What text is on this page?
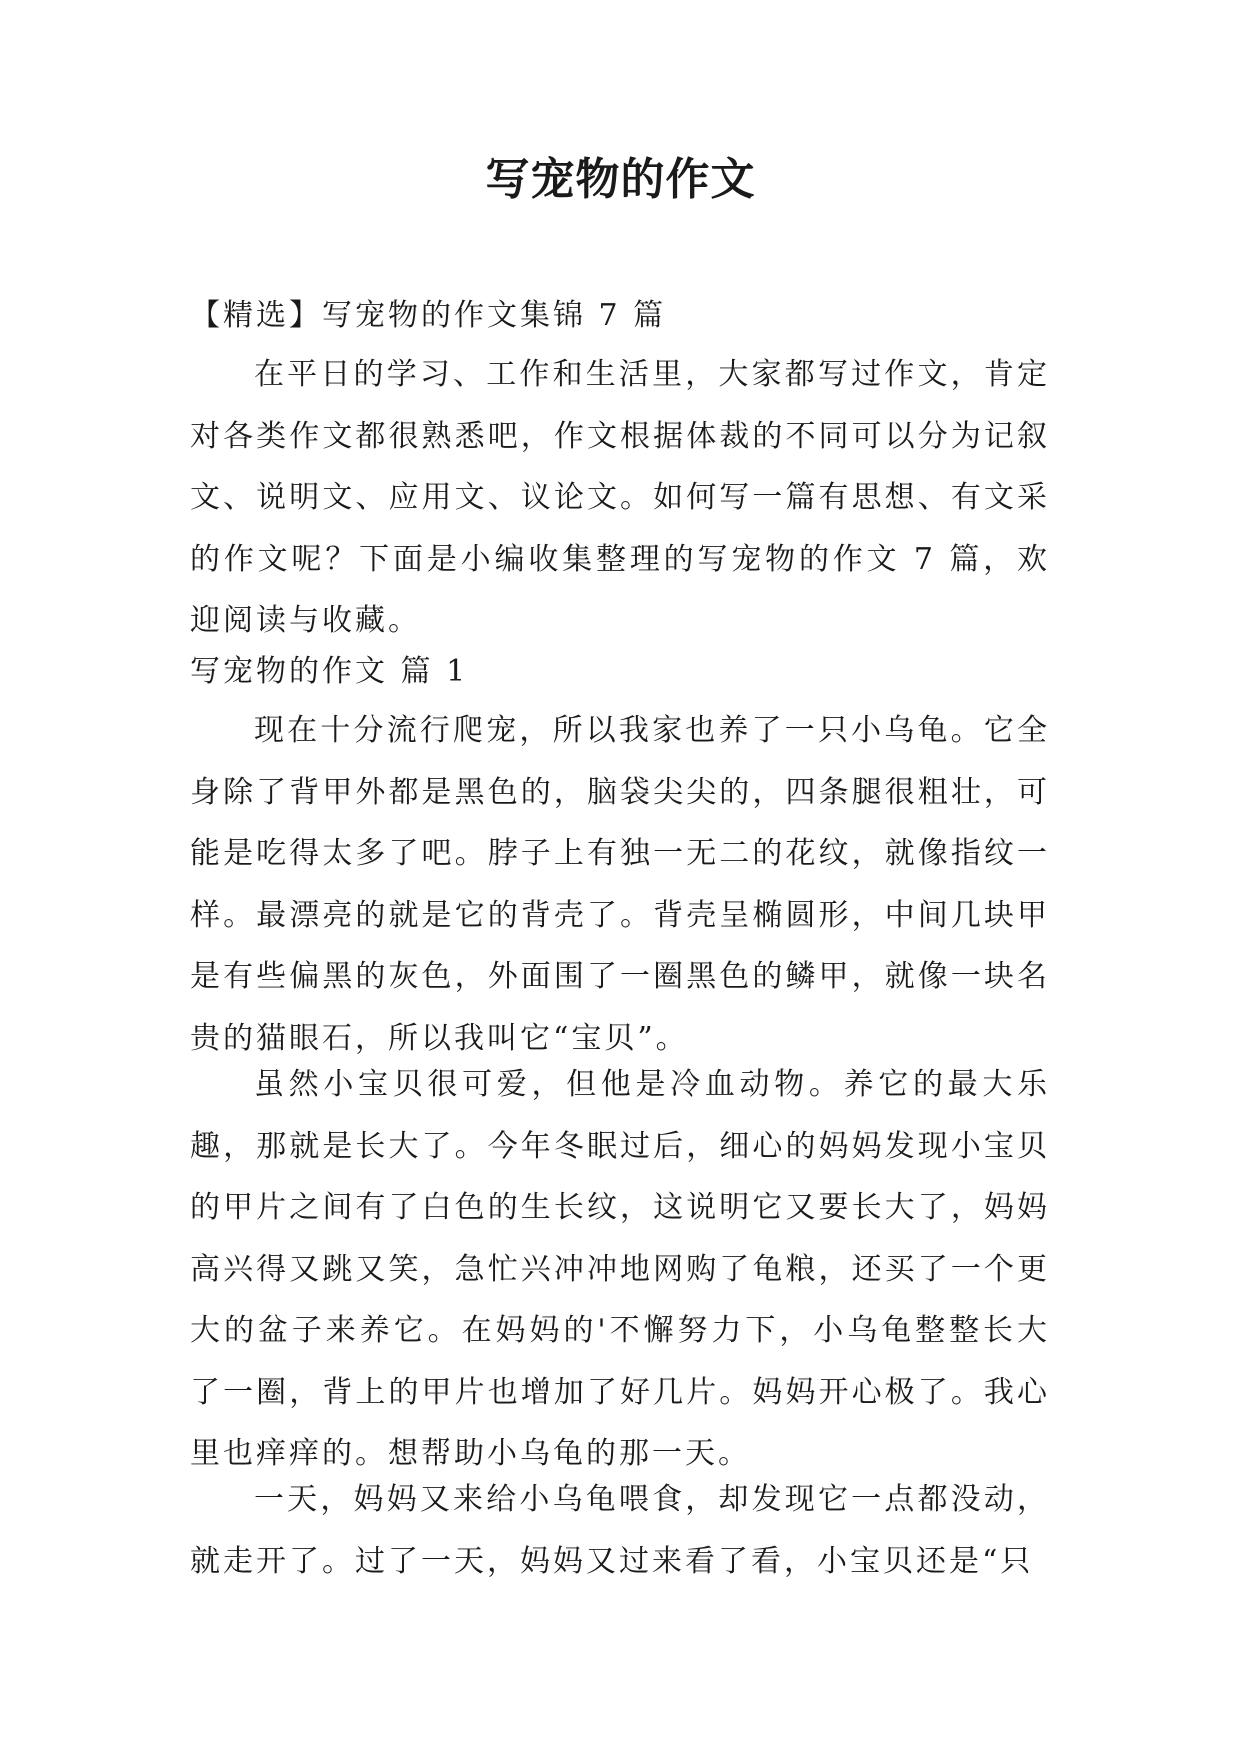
写宠物的作文

【精选】写宠物的作文集锦 7 篇

在平日的学习、工作和生活里，大家都写过作文，肯定对各类作文都很熟悉吧，作文根据体裁的不同可以分为记叙文、说明文、应用文、议论文。如何写一篇有思想、有文采的作文呢？下面是小编收集整理的写宠物的作文 7 篇，欢迎阅读与收藏。

写宠物的作文 篇 1

现在十分流行爬宠，所以我家也养了一只小乌龟。它全身除了背甲外都是黑色的，脑袋尖尖的，四条腿很粗壮，可能是吃得太多了吧。脖子上有独一无二的花纹，就像指纹一样。最漂亮的就是它的背壳了。背壳呈椭圆形，中间几块甲是有些偏黑的灰色，外面围了一圈黑色的鳞甲，就像一块名贵的猫眼石，所以我叫它“宝贝”。

虽然小宝贝很可爱，但他是冷血动物。养它的最大乐趣，那就是长大了。今年冬眠过后，细心的妈妈发现小宝贝的甲片之间有了白色的生长纹，这说明它又要长大了，妈妈高兴得又跳又笑，急忙兴冲冲地网购了龟粮，还买了一个更大的盆子来养它。在妈妈的'不懈努力下，小乌龟整整长大了一圈，背上的甲片也增加了好几片。妈妈开心极了。我心里也痒痒的。想帮助小乌龟的那一天。

一天，妈妈又来给小乌龟喂食，却发现它一点都没动，就走开了。过了一天，妈妈又过来看了看，小宝贝还是“只
